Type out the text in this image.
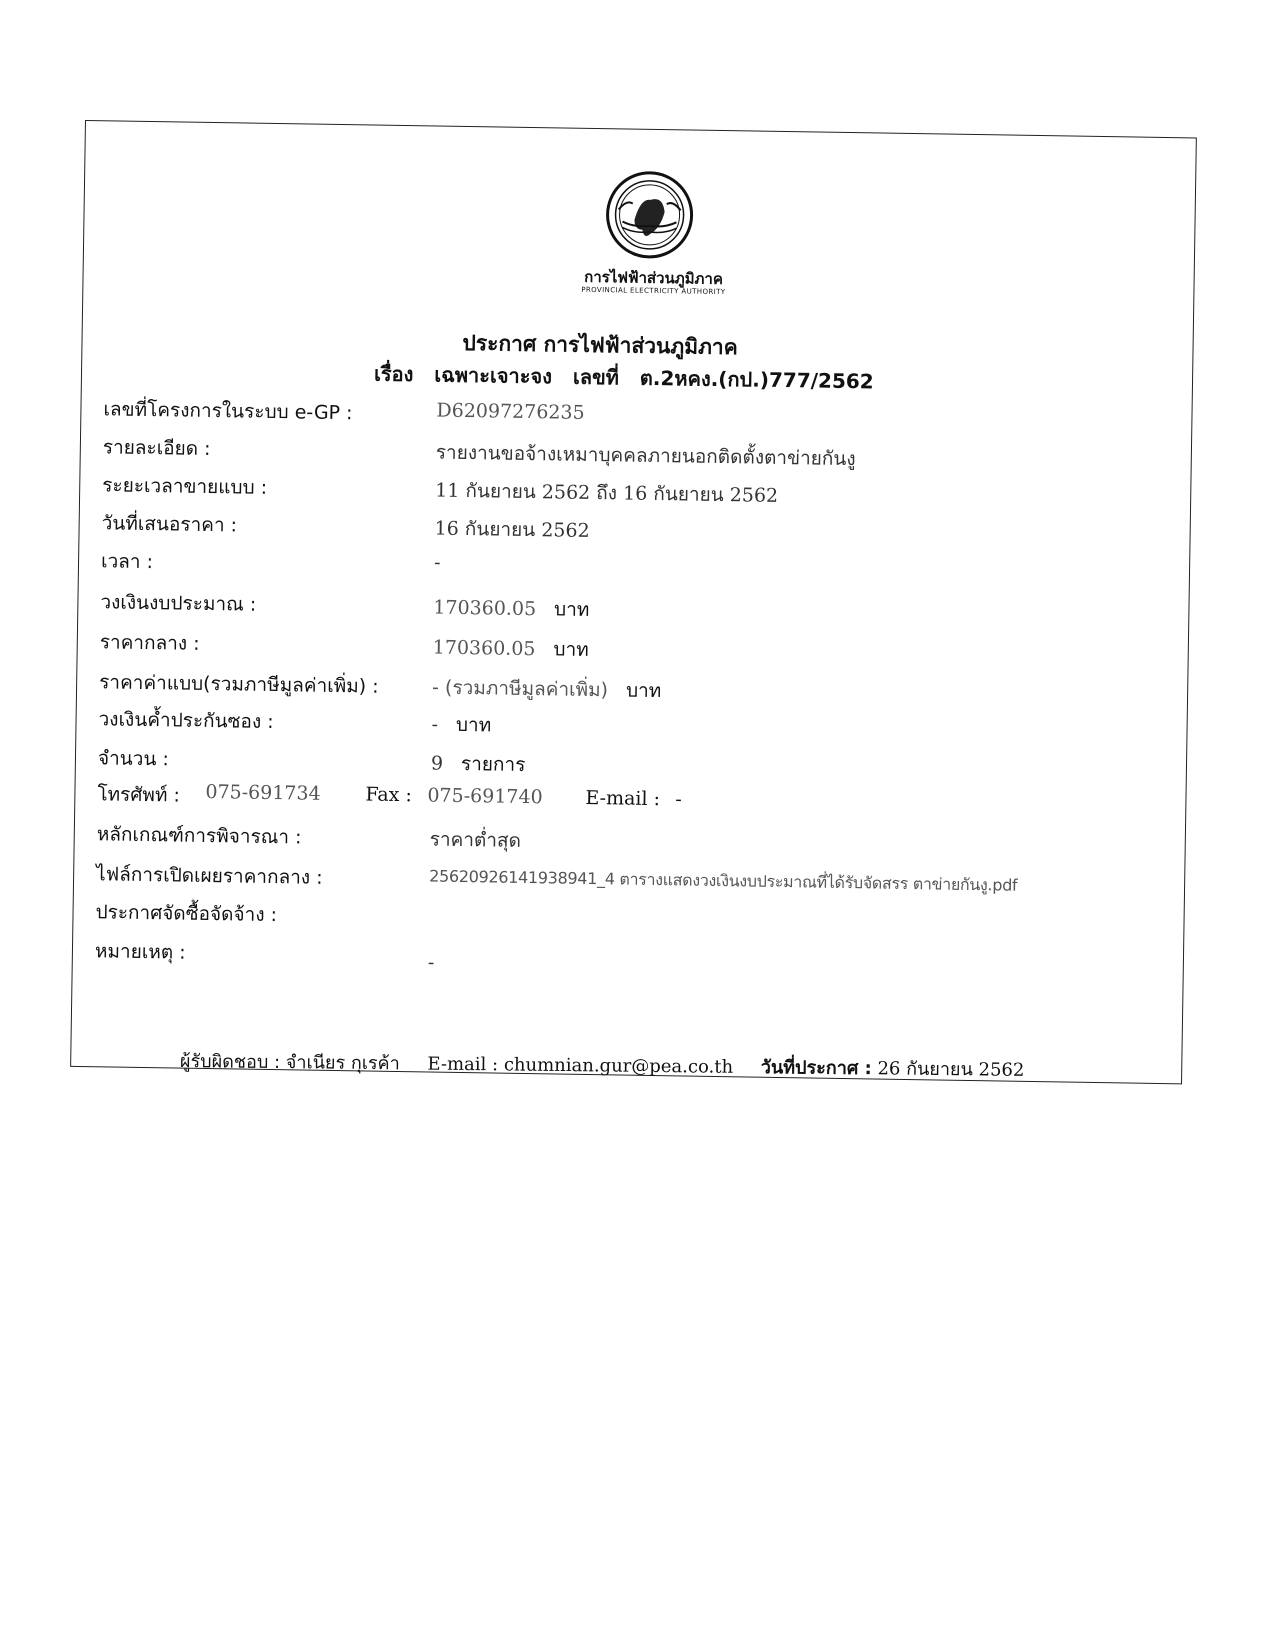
การไฟฟ้าส่วนภูมิภาค
PROVINCIAL ELECTRICITY AUTHORITY
ประกาศ การไฟฟ้าส่วนภูมิภาค
เรื่อง เฉพาะเจาะจง เลขที่ ต.2หคง.(กป.)777/2562
เลขที่โครงการในระบบ e-GP :	D62097276235
รายละเอียด :	รายงานขอจ้างเหมาบุคคลภายนอกติดตั้งตาข่ายกันงู
ระยะเวลาขายแบบ :	11 กันยายน 2562 ถึง 16 กันยายน 2562
วันที่เสนอราคา :	16 กันยายน 2562
เวลา :	-
วงเงินงบประมาณ :	170360.05 บาท
ราคากลาง :	170360.05 บาท
ราคาค่าแบบ(รวมภาษีมูลค่าเพิ่ม) :	- (รวมภาษีมูลค่าเพิ่ม) บาท
วงเงินค้ำประกันซอง :	- บาท
จำนวน :	9 รายการ
โทรศัพท์ : 075-691734 Fax : 075-691740 E-mail : -
หลักเกณฑ์การพิจารณา :	ราคาต่ำสุด
ไฟล์การเปิดเผยราคากลาง :	25620926141938941_4 ตารางแสดงวงเงินงบประมาณที่ได้รับจัดสรร ตาข่ายกันงู.pdf
ประกาศจัดซื้อจัดจ้าง :
หมายเหตุ :	-
ผู้รับผิดชอบ : จำเนียร กุเรค้า E-mail : chumnian.gur@pea.co.th วันที่ประกาศ : 26 กันยายน 2562
